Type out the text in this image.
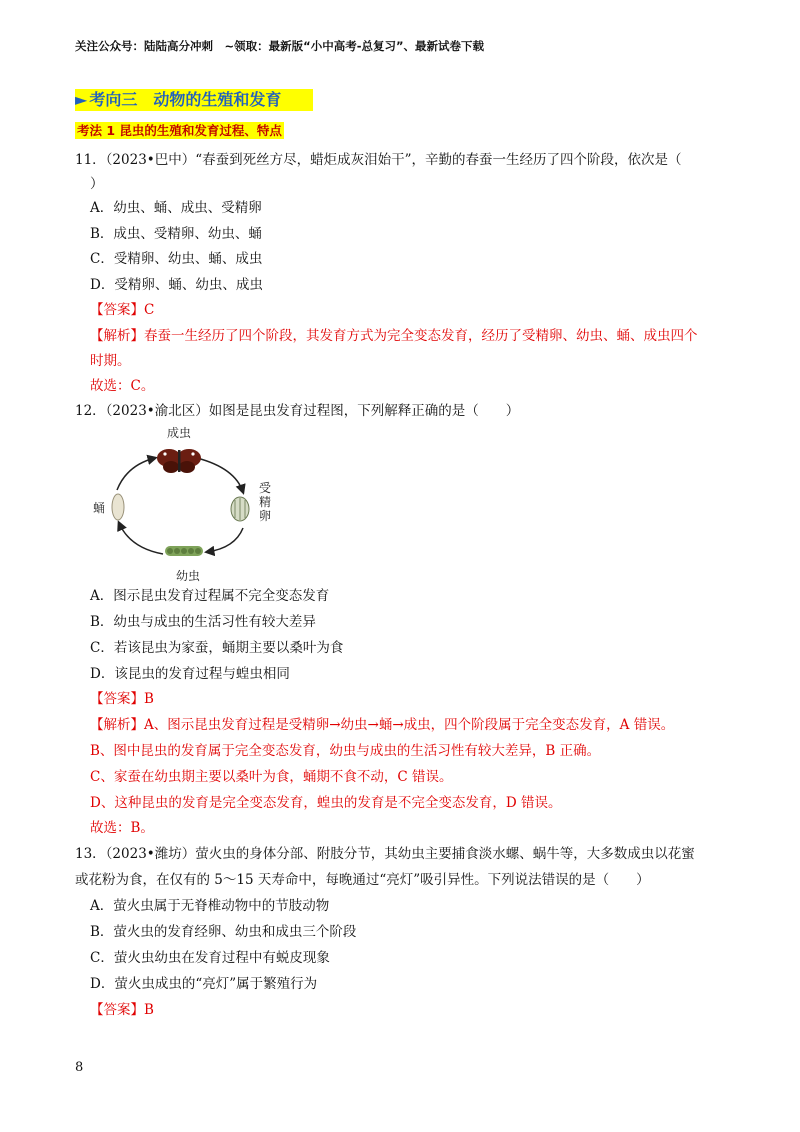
关注公众号：陆陆高分冲刺　~领取：最新版“小中高考-总复习”、最新试卷下载
► 考向三　动物的生殖和发育
考法 1 昆虫的生殖和发育过程、特点
11．（2023•巴中）“春蚕到死丝方尽，蜡炬成灰泪始干”，辛勤的春蚕一生经历了四个阶段，依次是（
）
A．幼虫、蛹、成虫、受精卵
B．成虫、受精卵、幼虫、蛹
C．受精卵、幼虫、蛹、成虫
D．受精卵、蛹、幼虫、成虫
【答案】C
【解析】春蚕一生经历了四个阶段，其发育方式为完全变态发育，经历了受精卵、幼虫、蛹、成虫四个
时期。
故选：C。
12．（2023•渝北区）如图是昆虫发育过程图，下列解释正确的是（　　）
成虫
幼虫
蛹
受精卵
A．图示昆虫发育过程属不完全变态发育
B．幼虫与成虫的生活习性有较大差异
C．若该昆虫为家蚕，蛹期主要以桑叶为食
D．该昆虫的发育过程与蝗虫相同
【答案】B
【解析】A、图示昆虫发育过程是受精卵→幼虫→蛹→成虫，四个阶段属于完全变态发育，A 错误。
B、图中昆虫的发育属于完全变态发育，幼虫与成虫的生活习性有较大差异，B 正确。
C、家蚕在幼虫期主要以桑叶为食，蛹期不食不动，C 错误。
D、这种昆虫的发育是完全变态发育，蝗虫的发育是不完全变态发育，D 错误。
故选：B。
13．（2023•潍坊）萤火虫的身体分部、附肢分节，其幼虫主要捕食淡水螺、蜗牛等，大多数成虫以花蜜
或花粉为食，在仅有的 5～15 天寿命中，每晚通过“亮灯”吸引异性。下列说法错误的是（　　）
A．萤火虫属于无脊椎动物中的节肢动物
B．萤火虫的发育经卵、幼虫和成虫三个阶段
C．萤火虫幼虫在发育过程中有蜕皮现象
D．萤火虫成虫的“亮灯”属于繁殖行为
【答案】B
8
